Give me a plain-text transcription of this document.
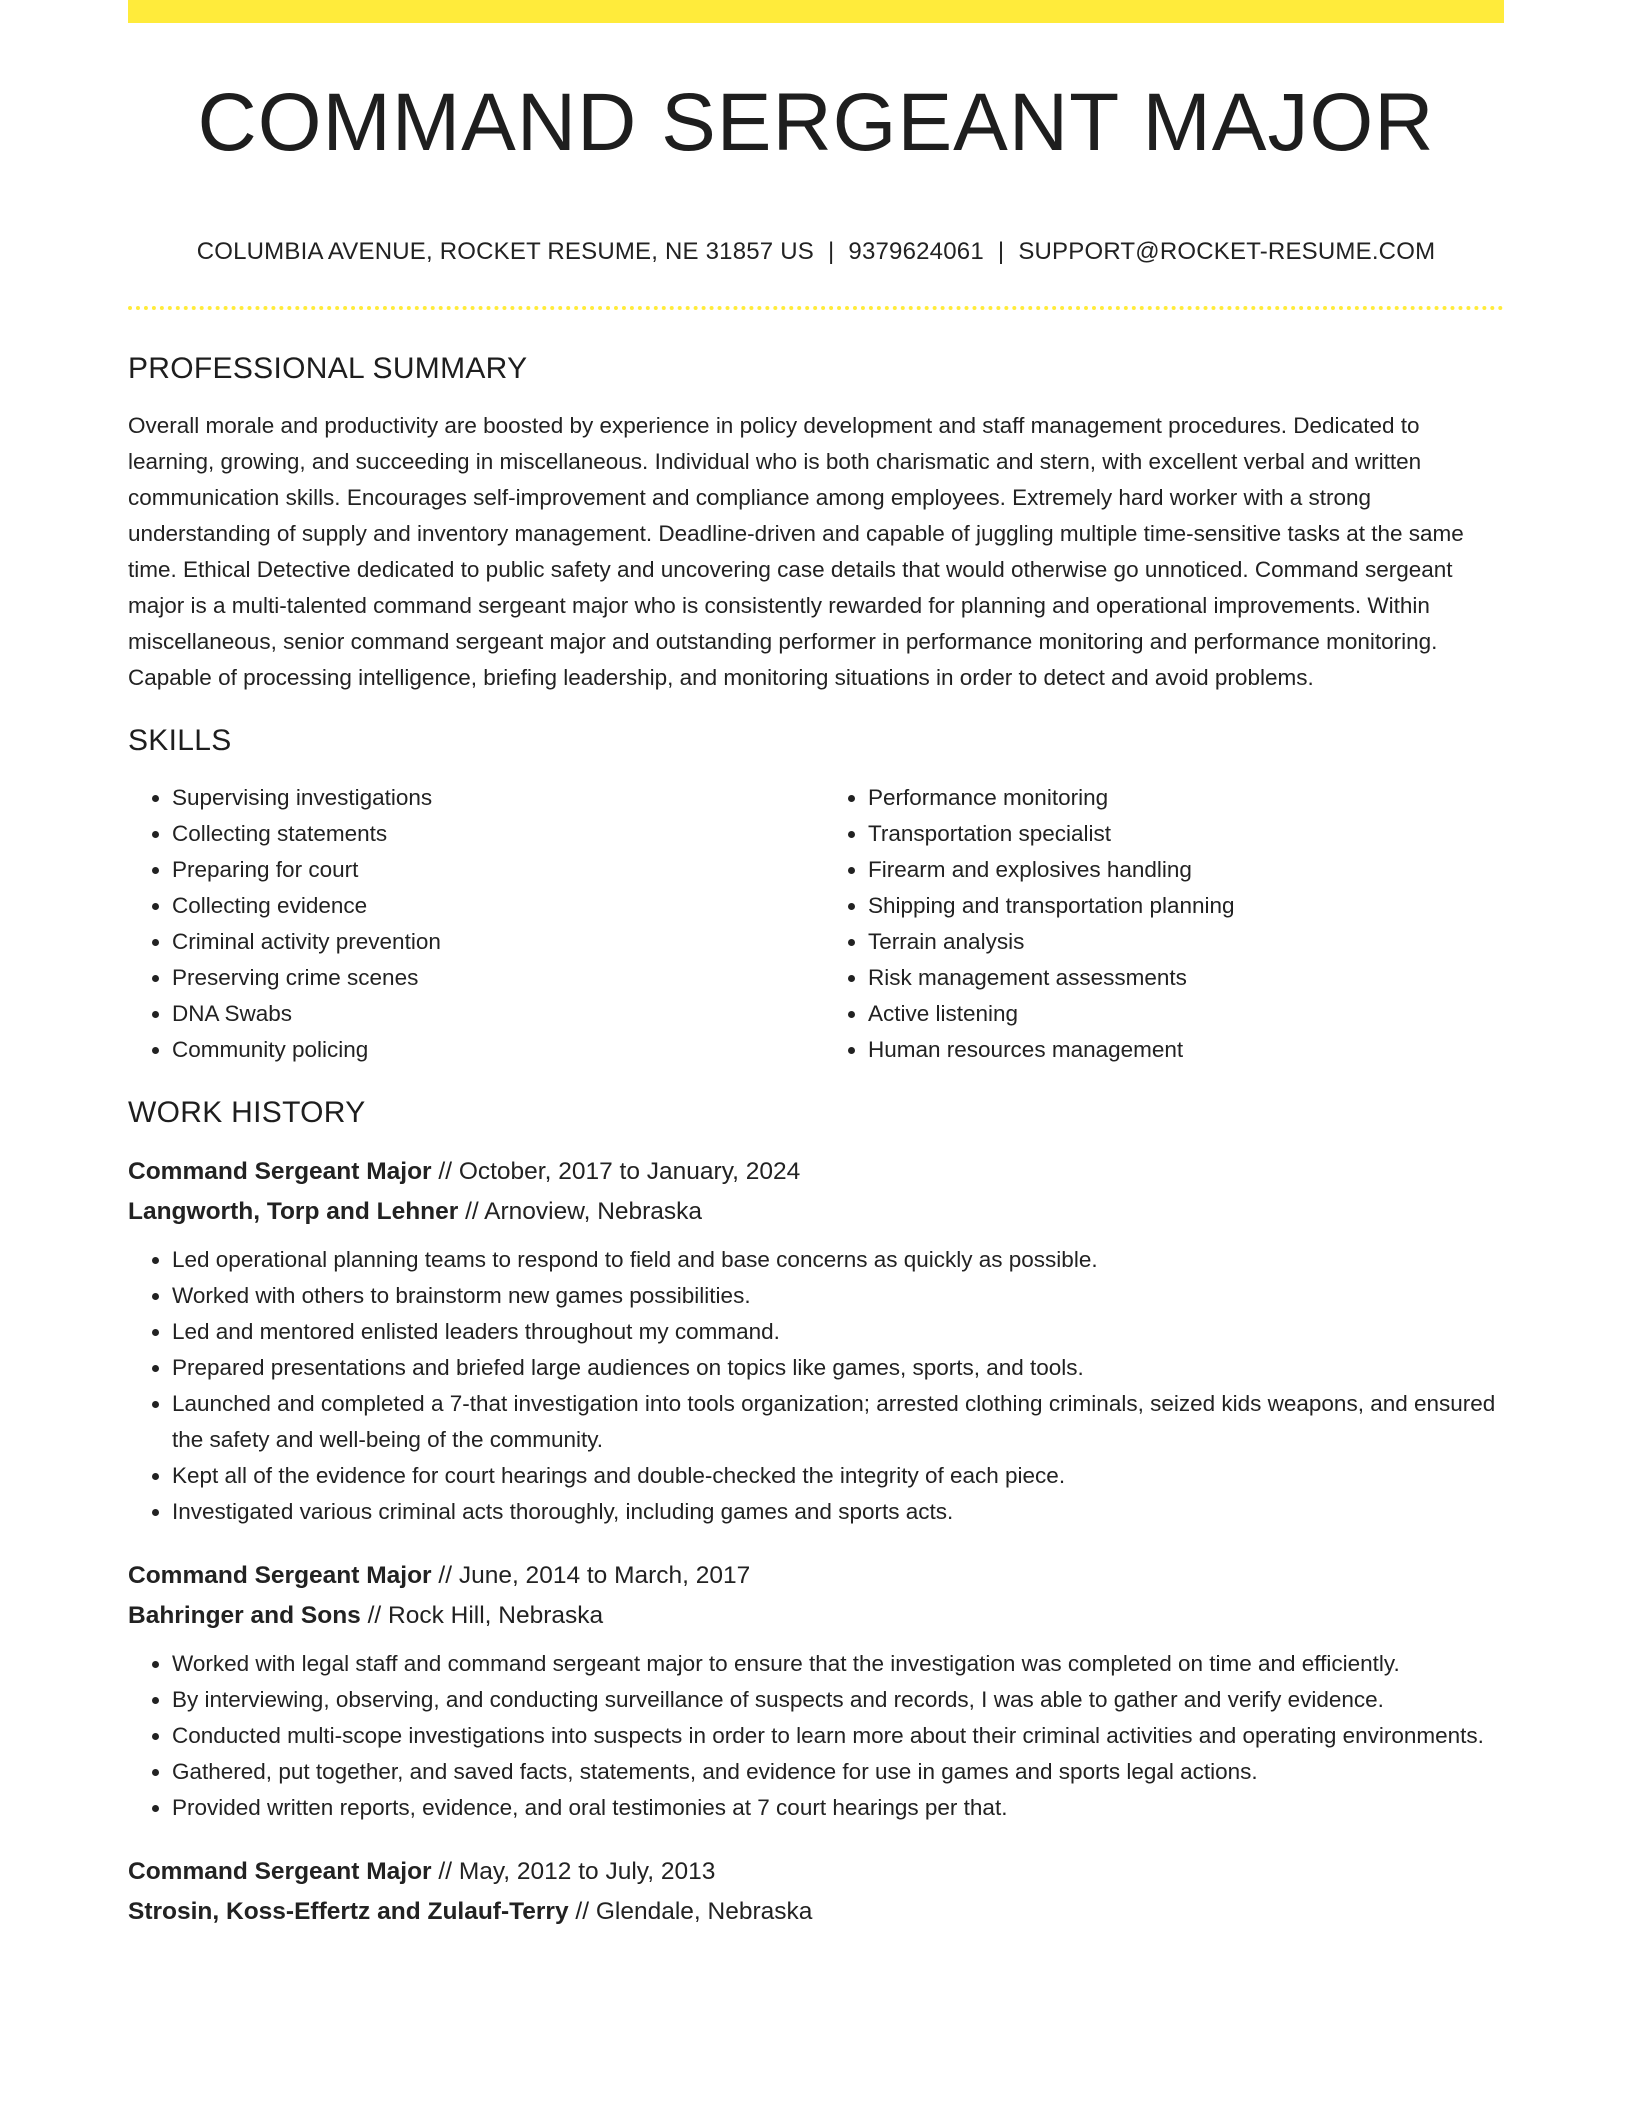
COMMAND SERGEANT MAJOR
COLUMBIA AVENUE, ROCKET RESUME, NE 31857 US | 9379624061 | SUPPORT@ROCKET-RESUME.COM
PROFESSIONAL SUMMARY

Overall morale and productivity are boosted by experience in policy development and staff management procedures. Dedicated to learning, growing, and succeeding in miscellaneous. Individual who is both charismatic and stern, with excellent verbal and written communication skills. Encourages self-improvement and compliance among employees. Extremely hard worker with a strong understanding of supply and inventory management. Deadline-driven and capable of juggling multiple time-sensitive tasks at the same time. Ethical Detective dedicated to public safety and uncovering case details that would otherwise go unnoticed. Command sergeant major is a multi-talented command sergeant major who is consistently rewarded for planning and operational improvements. Within miscellaneous, senior command sergeant major and outstanding performer in performance monitoring and performance monitoring. Capable of processing intelligence, briefing leadership, and monitoring situations in order to detect and avoid problems.

SKILLS
• Supervising investigations
• Collecting statements
• Preparing for court
• Collecting evidence
• Criminal activity prevention
• Preserving crime scenes
• DNA Swabs
• Community policing
• Performance monitoring
• Transportation specialist
• Firearm and explosives handling
• Shipping and transportation planning
• Terrain analysis
• Risk management assessments
• Active listening
• Human resources management
WORK HISTORY
Command Sergeant Major // October, 2017 to January, 2024
Langworth, Torp and Lehner // Arnoview, Nebraska
• Led operational planning teams to respond to field and base concerns as quickly as possible.
• Worked with others to brainstorm new games possibilities.
• Led and mentored enlisted leaders throughout my command.
• Prepared presentations and briefed large audiences on topics like games, sports, and tools.
• Launched and completed a 7-that investigation into tools organization; arrested clothing criminals, seized kids weapons, and ensured the safety and well-being of the community.
• Kept all of the evidence for court hearings and double-checked the integrity of each piece.
• Investigated various criminal acts thoroughly, including games and sports acts.
Command Sergeant Major // June, 2014 to March, 2017
Bahringer and Sons // Rock Hill, Nebraska
• Worked with legal staff and command sergeant major to ensure that the investigation was completed on time and efficiently.
• By interviewing, observing, and conducting surveillance of suspects and records, I was able to gather and verify evidence.
• Conducted multi-scope investigations into suspects in order to learn more about their criminal activities and operating environments.
• Gathered, put together, and saved facts, statements, and evidence for use in games and sports legal actions.
• Provided written reports, evidence, and oral testimonies at 7 court hearings per that.
Command Sergeant Major // May, 2012 to July, 2013
Strosin, Koss-Effertz and Zulauf-Terry // Glendale, Nebraska
